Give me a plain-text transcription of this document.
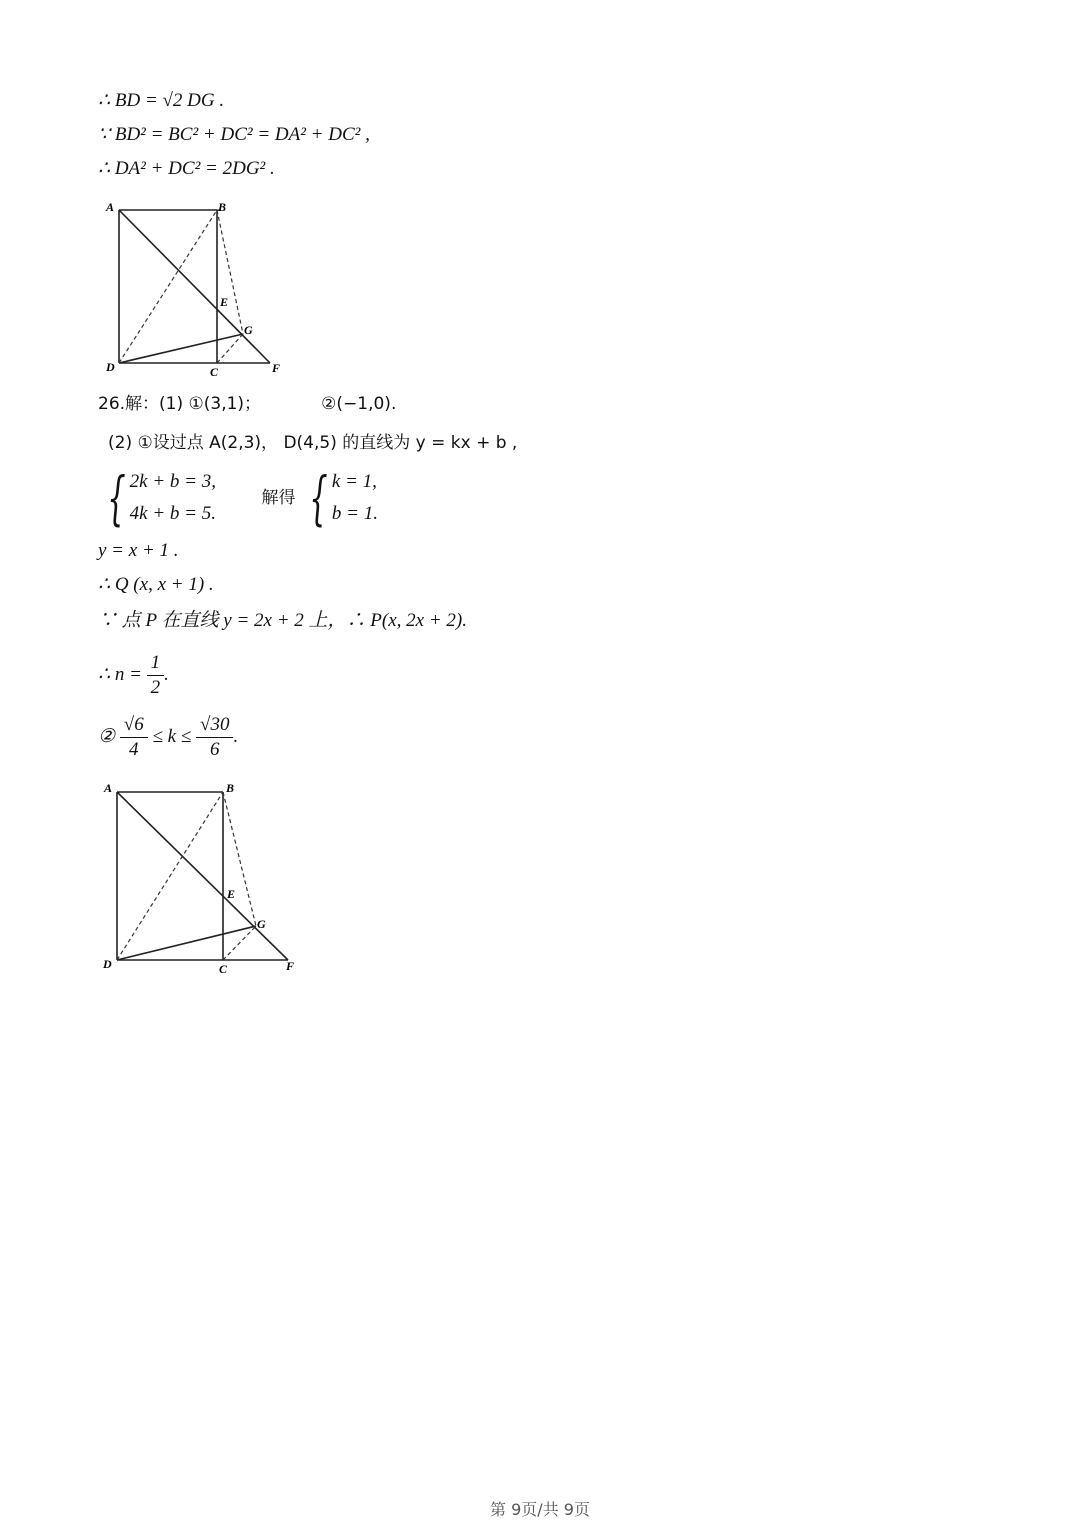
∴ BD = √2 DG .
∵ BD² = BC² + DC² = DA² + DC² ,
∴ DA² + DC² = 2DG² .
A	B
E
G
D	C	F
26.解：(1) ①(3,1)；	②(−1,0).
(2) ①设过点 A(2,3)， D(4,5) 的直线为 y = kx + b ,
{ 2k + b = 3,
4k + b = 5.
解得 { k = 1,
b = 1.
y = x + 1 .
∴ Q (x, x + 1) .
∵ 点 P 在直线 y = 2x + 2 上，∴ P(x, 2x + 2).
∴ $n = \frac{1}{2}$ .
② $\frac{√6}{4} \le k \le \frac{√30}{6}$ .
A	B
E
G
D	C	F
第 9页/共 9页
